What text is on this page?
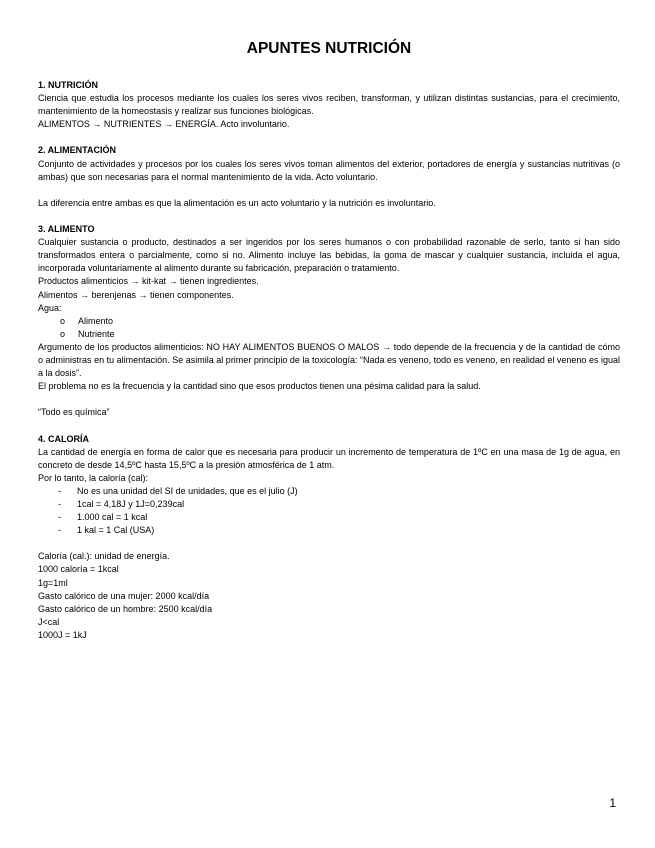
APUNTES NUTRICIÓN
1. NUTRICIÓN
Ciencia que estudia los procesos mediante los cuales los seres vivos reciben, transforman, y utilizan distintas sustancias, para el crecimiento, mantenimiento de la homeostasis y realizar sus funciones biológicas.
ALIMENTOS → NUTRIENTES → ENERGÍA. Acto involuntario.
2. ALIMENTACIÓN
Conjunto de actividades y procesos por los cuales los seres vivos toman alimentos del exterior, portadores de energía y sustancias nutritivas (o ambas) que son necesarias para el normal mantenimiento de la vida. Acto voluntario.
La diferencia entre ambas es que la alimentación es un acto voluntario y la nutrición es involuntario.
3. ALIMENTO
Cualquier sustancia o producto, destinados a ser ingeridos por los seres humanos o con probabilidad razonable de serlo, tanto si han sido transformados entera o parcialmente, como si no. Alimento incluye las bebidas, la goma de mascar y cualquier sustancia, incluida el agua, incorporada voluntariamente al alimento durante su fabricación, preparación o tratamiento.
Productos alimenticios → kit-kat → tienen ingredientes.
Alimentos → berenjenas → tienen componentes.
Agua:
o Alimento
o Nutriente
Argumento de los productos alimenticios: NO HAY ALIMENTOS BUENOS O MALOS → todo depende de la frecuencia y de la cantidad de cómo o administras en tu alimentación. Se asimila al primer principio de la toxicología: “Nada es veneno, todo es veneno, en realidad el veneno es igual a la dosis”.
El problema no es la frecuencia y la cantidad sino que esos productos tienen una pésima calidad para la salud.
“Todo es química”
4. CALORÍA
La cantidad de energía en forma de calor que es necesaria para producir un incremento de temperatura de 1ºC en una masa de 1g de agua, en concreto de desde 14,5ºC hasta 15,5ºC a la presión atmosférica de 1 atm.
Por lo tanto, la caloría (cal):
- No es una unidad del SI de unidades, que es el julio (J)
- 1cal = 4,18J y 1J=0,239cal
- 1.000 cal = 1 kcal
- 1 kal = 1 Cal (USA)
Caloría (cal.): unidad de energía.
1000 caloría = 1kcal
1g=1ml
Gasto calórico de una mujer: 2000 kcal/día
Gasto calórico de un hombre: 2500 kcal/día
J<cal
1000J = 1kJ
1
